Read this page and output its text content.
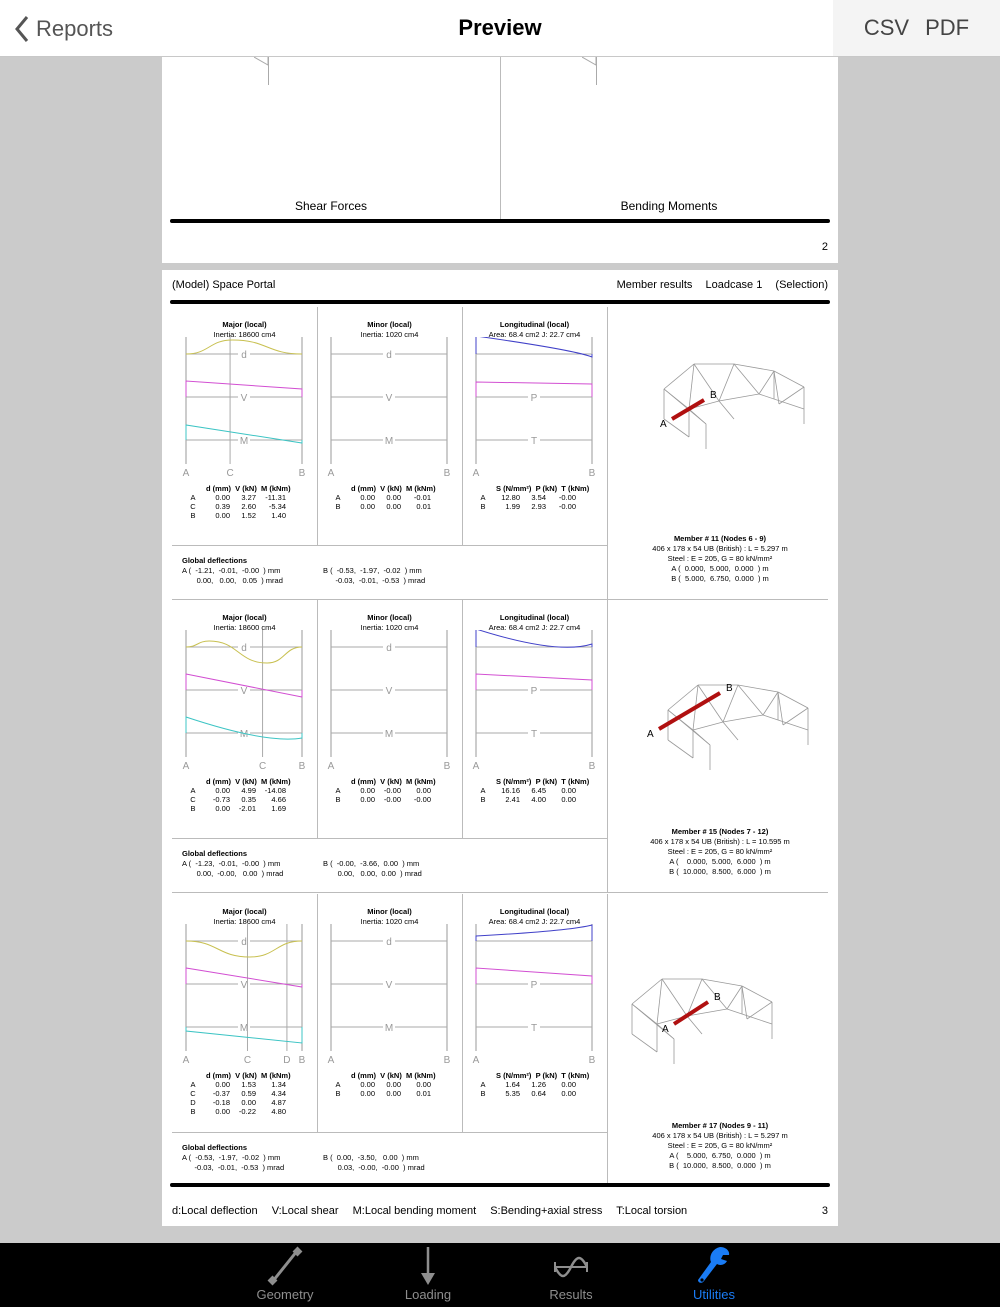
Reports	Preview	CSV PDF
Shear Forces	Bending Moments
2
(Model) Space Portal	Member results Loadcase 1 (Selection)
Major (local)
Inertia: 18600 cm4
d
V
M
A	B
C
d (mm)  V (kN)  M (kNm)
A	0.00	3.27	-11.31
C	0.39	2.60	-5.34
B	0.00	1.52	1.40
Minor (local)
Inertia: 1020 cm4
d
V
M
A	B
d (mm)  V (kN)  M (kNm)
A	0.00	0.00	-0.01
B	0.00	0.00	0.01
Longitudinal (local)
Area: 68.4 cm2 J: 22.7 cm4
P
T
A	B
S (N/mm²)  P (kN)  T (kNm)
A	12.80	3.54	-0.00
B	1.99	2.93	-0.00
Global deflections
A (  -1.21,  -0.01,  -0.00  ) mm
0.00,   0.00,   0.05  ) mrad
B (  -0.53,  -1.97,  -0.02  ) mm
-0.03,  -0.01,  -0.53  ) mrad
A
B
Member # 11 (Nodes 6 - 9)
406 x 178 x 54 UB (British) : L = 5.297 m
Steel : E = 205, G = 80 kN/mm²
A (  0.000,  5.000,  0.000  ) m
B (  5.000,  6.750,  0.000  ) m
Major (local)
Inertia: 18600 cm4
d
V
M
A	B
C
d (mm)  V (kN)  M (kNm)
A	0.00	4.99	-14.08
C	-0.73	0.35	4.66
B	0.00	-2.01	1.69
Minor (local)
Inertia: 1020 cm4
d
V
M
A	B
d (mm)  V (kN)  M (kNm)
A	0.00	-0.00	0.00
B	0.00	-0.00	-0.00
Longitudinal (local)
Area: 68.4 cm2 J: 22.7 cm4
P
T
A	B
S (N/mm²)  P (kN)  T (kNm)
A	16.16	6.45	0.00
B	2.41	4.00	0.00
Global deflections
A (  -1.23,  -0.01,  -0.00  ) mm
0.00,  -0.00,   0.00  ) mrad
B (  -0.00,  -3.66,  0.00  ) mm
0.00,   0.00,  0.00  ) mrad
A
B
Member # 15 (Nodes 7 - 12)
406 x 178 x 54 UB (British) : L = 10.595 m
Steel : E = 205, G = 80 kN/mm²
A (    0.000,  5.000,  6.000  ) m
B (  10.000,  8.500,  6.000  ) m
Major (local)
Inertia: 18600 cm4
d
V
M
A	B
C	D
d (mm)  V (kN)  M (kNm)
A	0.00	1.53	1.34
C	-0.37	0.59	4.34
D	-0.18	0.00	4.87
B	0.00	-0.22	4.80
Minor (local)
Inertia: 1020 cm4
d
V
M
A	B
d (mm)  V (kN)  M (kNm)
A	0.00	0.00	0.00
B	0.00	0.00	0.01
Longitudinal (local)
Area: 68.4 cm2 J: 22.7 cm4
P
T
A	B
S (N/mm²)  P (kN)  T (kNm)
A	1.64	1.26	0.00
B	5.35	0.64	0.00
Global deflections
A (  -0.53,  -1.97,  -0.02  ) mm
-0.03,  -0.01,  -0.53  ) mrad
B (  0.00,  -3.50,   0.00  ) mm
0.03,  -0.00,  -0.00  ) mrad
A
B
Member # 17 (Nodes 9 - 11)
406 x 178 x 54 UB (British) : L = 5.297 m
Steel : E = 205, G = 80 kN/mm²
A (    5.000,  6.750,  0.000  ) m
B (  10.000,  8.500,  0.000  ) m
d:Local deflection V:Local shear M:Local bending moment S:Bending+axial stress T:Local torsion	3
Geometry	Loading	Results	Utilities
